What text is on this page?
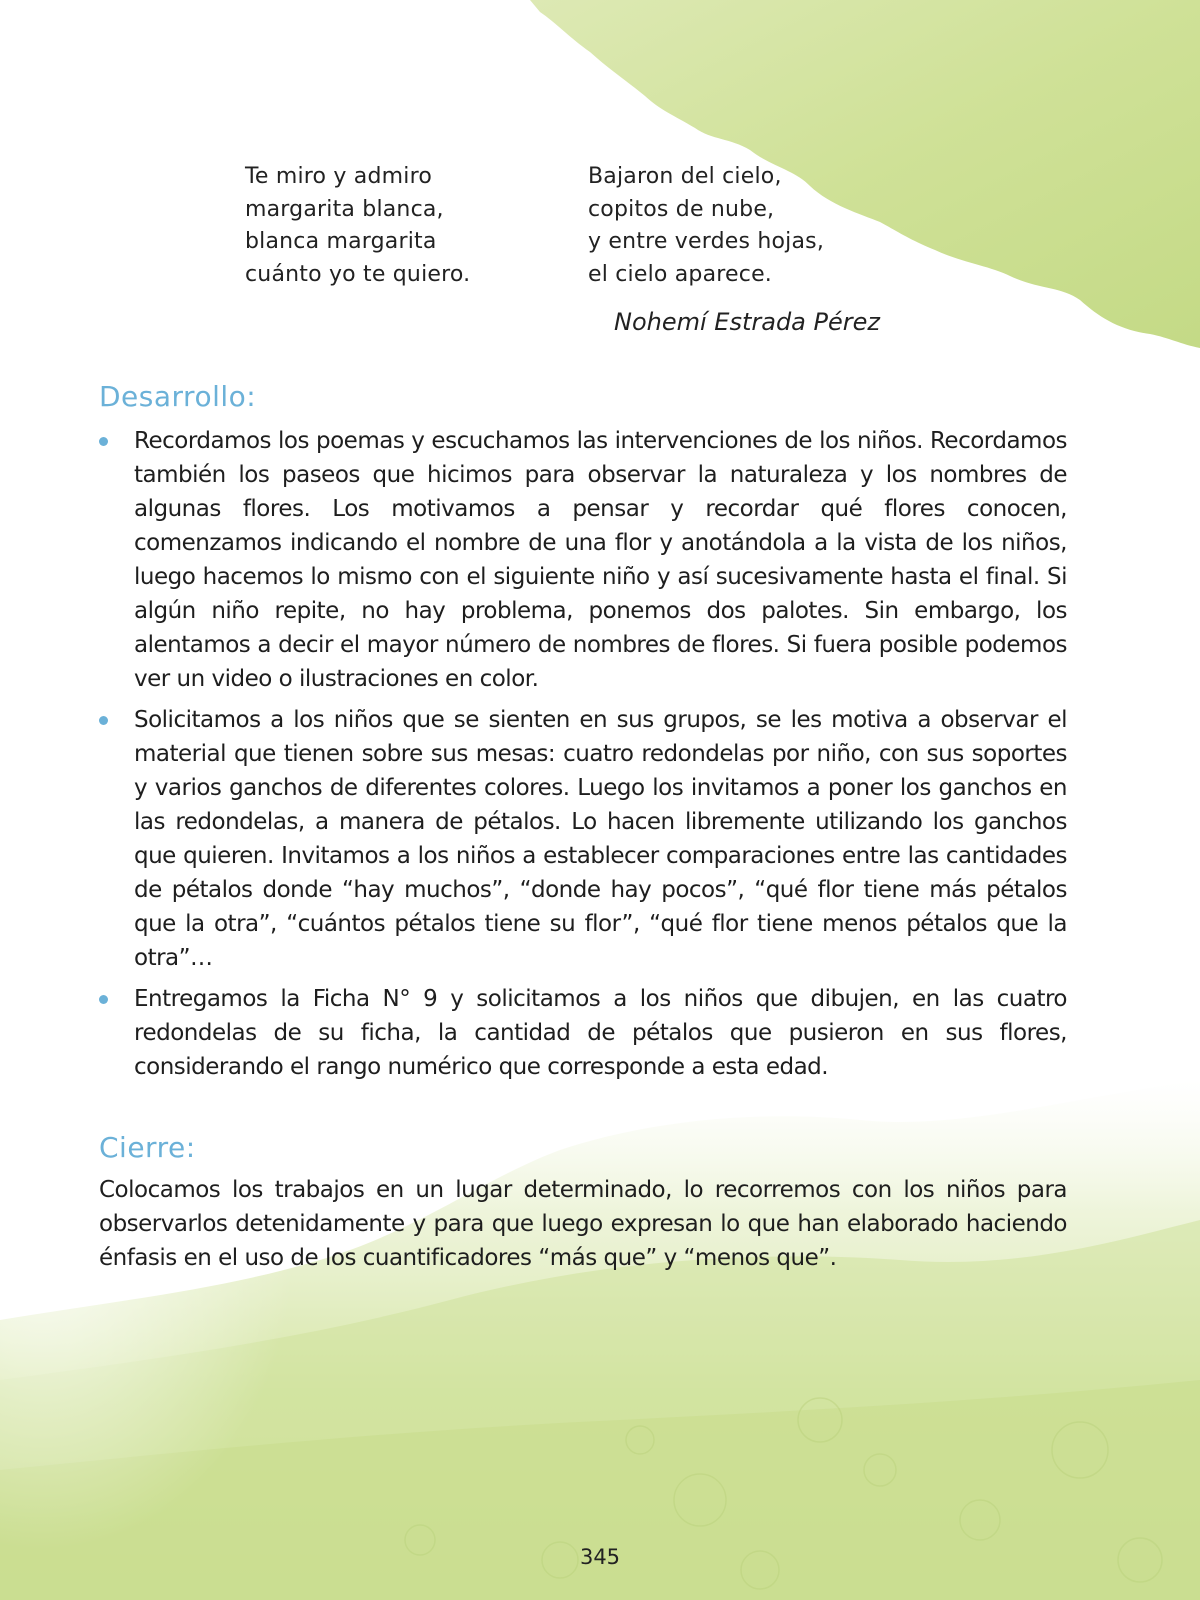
Te miro y admiro
margarita blanca,
blanca margarita
cuánto yo te quiero.
Bajaron del cielo,
copitos de nube,
y entre verdes hojas,
el cielo aparece.
Nohemí Estrada Pérez
Desarrollo:
Recordamos los poemas y escuchamos las intervenciones de los niños. Recordamos también los paseos que hicimos para observar la naturaleza y los nombres de algunas flores. Los motivamos a pensar y recordar qué flores conocen, comenzamos indicando el nombre de una flor y anotándola a la vista de los niños, luego hacemos lo mismo con el siguiente niño y así sucesivamente hasta el final. Si algún niño repite, no hay problema, ponemos dos palotes. Sin embargo, los alentamos a decir el mayor número de nombres de flores. Si fuera posible podemos ver un video o ilustraciones en color.
Solicitamos a los niños que se sienten en sus grupos, se les motiva a observar el material que tienen sobre sus mesas: cuatro redondelas por niño, con sus soportes y varios ganchos de diferentes colores. Luego los invitamos a poner los ganchos en las redondelas, a manera de pétalos. Lo hacen libremente utilizando los ganchos que quieren. Invitamos a los niños a establecer comparaciones entre las cantidades de pétalos donde “hay muchos”, “donde hay pocos”, “qué flor tiene más pétalos que la otra”, “cuántos pétalos tiene su flor”, “qué flor tiene menos pétalos que la otra”…
Entregamos la Ficha N° 9 y solicitamos a los niños que dibujen, en las cuatro redondelas de su ficha, la cantidad de pétalos que pusieron en sus flores, considerando el rango numérico que corresponde a esta edad.
Cierre:

Colocamos los trabajos en un lugar determinado, lo recorremos con los niños para observarlos detenidamente y para que luego expresan lo que han elaborado haciendo énfasis en el uso de los cuantificadores “más que” y “menos que”.

345
